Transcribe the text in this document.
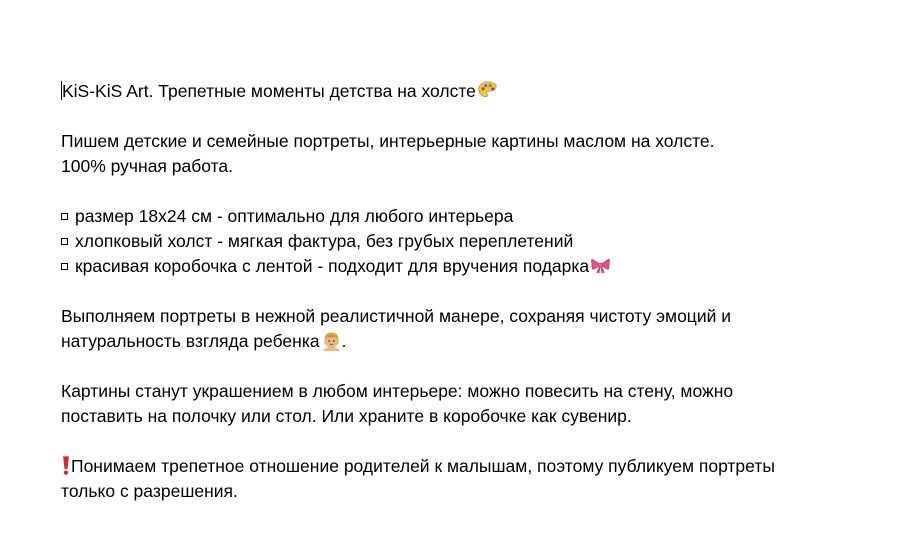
KiS-KiS Art. Трепетные моменты детства на холсте
Пишем детские и семейные портреты, интерьерные картины маслом на холсте.
100% ручная работа.
размер 18х24 см - оптимально для любого интерьера
хлопковый холст - мягкая фактура, без грубых переплетений
красивая коробочка с лентой - подходит для вручения подарка
Выполняем портреты в нежной реалистичной манере, сохраняя чистоту эмоций и
натуральность взгляда ребенка .
Картины станут украшением в любом интерьере: можно повесить на стену, можно
поставить на полочку или стол. Или храните в коробочке как сувенир.
Понимаем трепетное отношение родителей к малышам, поэтому публикуем портреты
только с разрешения.
